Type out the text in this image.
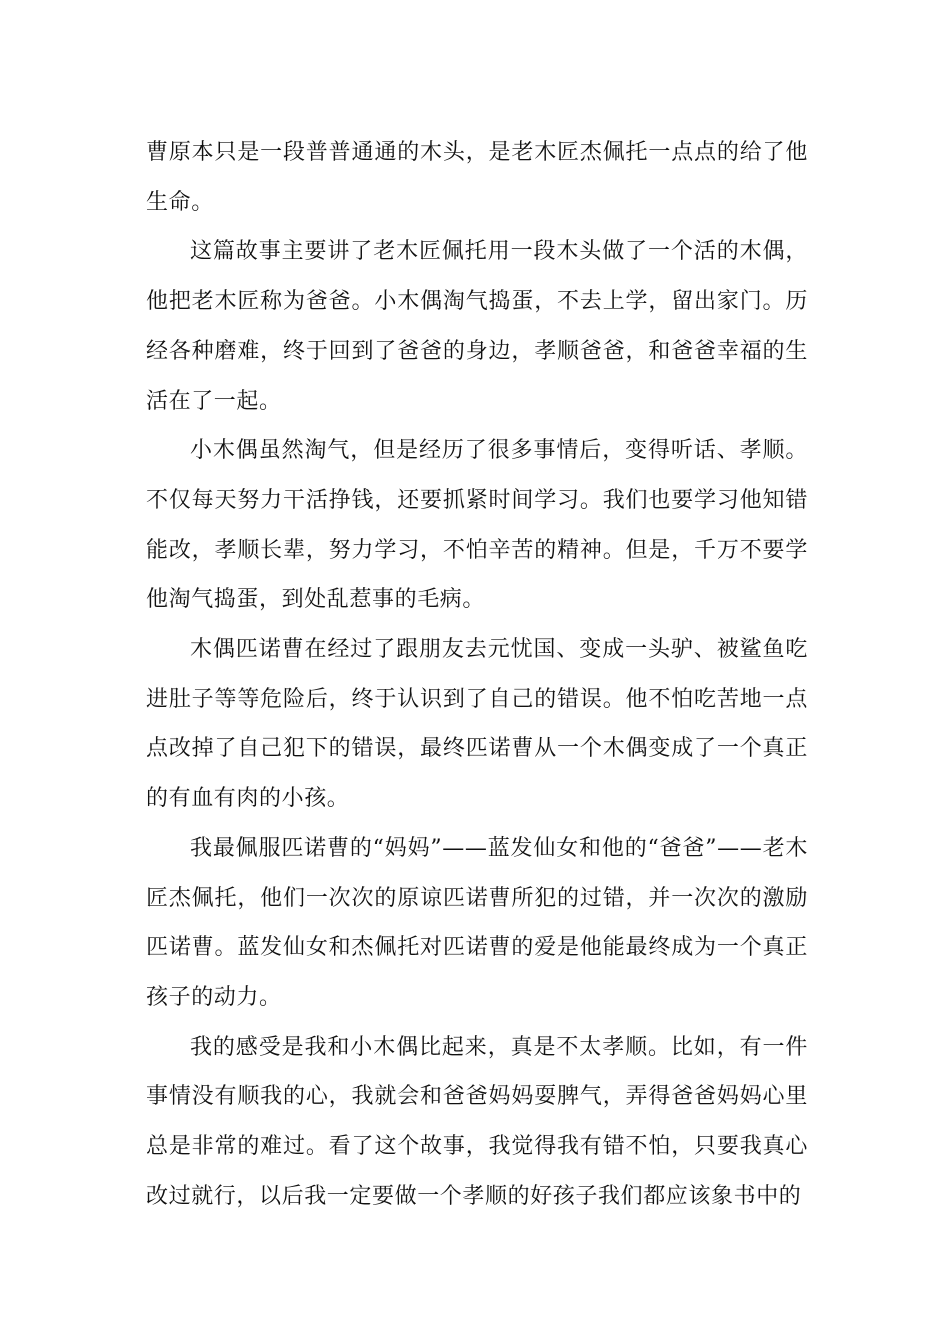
曹原本只是一段普普通通的木头，是老木匠杰佩托一点点的给了他生命。

这篇故事主要讲了老木匠佩托用一段木头做了一个活的木偶，他把老木匠称为爸爸。小木偶淘气捣蛋，不去上学，留出家门。历经各种磨难，终于回到了爸爸的身边，孝顺爸爸，和爸爸幸福的生活在了一起。

小木偶虽然淘气，但是经历了很多事情后，变得听话、孝顺。不仅每天努力干活挣钱，还要抓紧时间学习。我们也要学习他知错能改，孝顺长辈，努力学习，不怕辛苦的精神。但是，千万不要学他淘气捣蛋，到处乱惹事的毛病。

木偶匹诺曹在经过了跟朋友去元忧国、变成一头驴、被鲨鱼吃进肚子等等危险后，终于认识到了自己的错误。他不怕吃苦地一点点改掉了自己犯下的错误，最终匹诺曹从一个木偶变成了一个真正的有血有肉的小孩。

我最佩服匹诺曹的“妈妈”——蓝发仙女和他的“爸爸”——老木匠杰佩托，他们一次次的原谅匹诺曹所犯的过错，并一次次的激励匹诺曹。蓝发仙女和杰佩托对匹诺曹的爱是他能最终成为一个真正孩子的动力。

我的感受是我和小木偶比起来，真是不太孝顺。比如，有一件事情没有顺我的心，我就会和爸爸妈妈耍脾气，弄得爸爸妈妈心里总是非常的难过。看了这个故事，我觉得我有错不怕，只要我真心改过就行，以后我一定要做一个孝顺的好孩子我们都应该象书中的
